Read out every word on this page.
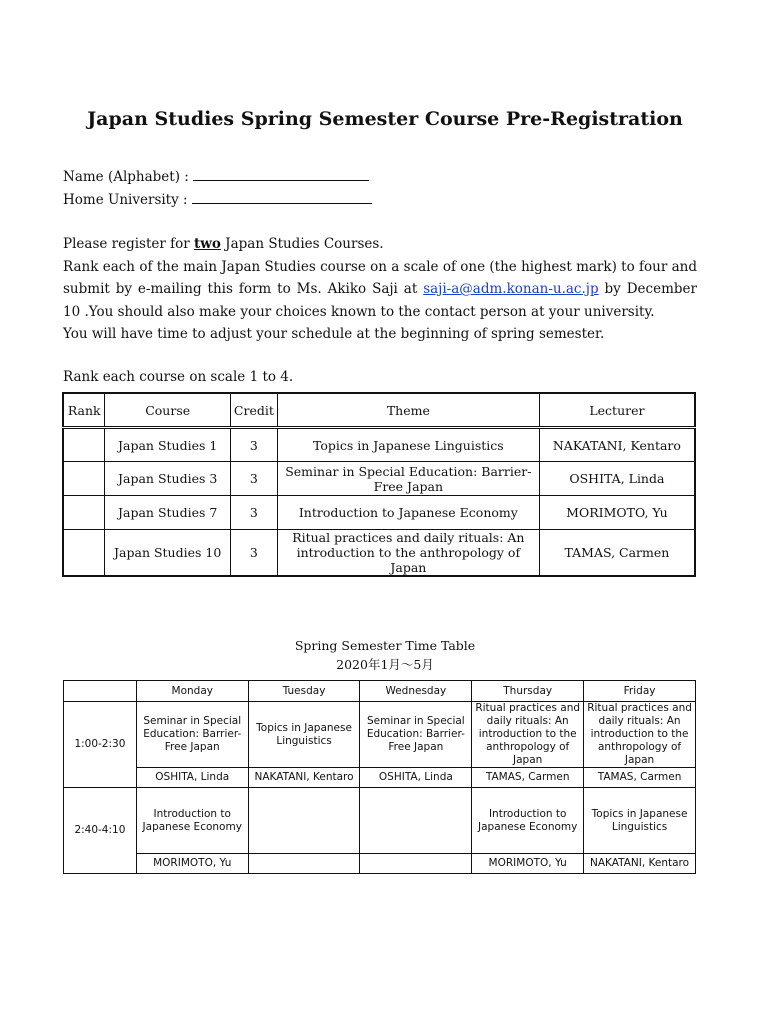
Japan Studies Spring Semester Course Pre-Registration
Name (Alphabet) :
Home University :

Please register for two Japan Studies Courses.

Rank each of the main Japan Studies course on a scale of one (the highest mark) to four and submit by e-mailing this form to Ms. Akiko Saji at saji-a@adm.konan-u.ac.jp by December 10 .You should also make your choices known to the contact person at your university.

You will have time to adjust your schedule at the beginning of spring semester.

Rank each course on scale 1 to 4.
Rank	Course	Credit	Theme	Lecturer
	Japan Studies 1	3	Topics in Japanese Linguistics	NAKATANI, Kentaro
	Japan Studies 3	3	Seminar in Special Education: Barrier-Free Japan	OSHITA, Linda
	Japan Studies 7	3	Introduction to Japanese Economy	MORIMOTO, Yu
	Japan Studies 10	3	Ritual practices and daily rituals: An introduction to the anthropology of Japan	TAMAS, Carmen
Spring Semester Time Table
2020年1月～5月
	Monday	Tuesday	Wednesday	Thursday	Friday
1:00-2:30	Seminar in Special Education: Barrier-Free Japan	Topics in Japanese Linguistics	Seminar in Special Education: Barrier-Free Japan	Ritual practices and daily rituals: An introduction to the anthropology of Japan	Ritual practices and daily rituals: An introduction to the anthropology of Japan
	OSHITA, Linda	NAKATANI, Kentaro	OSHITA, Linda	TAMAS, Carmen	TAMAS, Carmen
2:40-4:10	Introduction to Japanese Economy			Introduction to Japanese Economy	Topics in Japanese Linguistics
	MORIMOTO, Yu			MORIMOTO, Yu	NAKATANI, Kentaro
